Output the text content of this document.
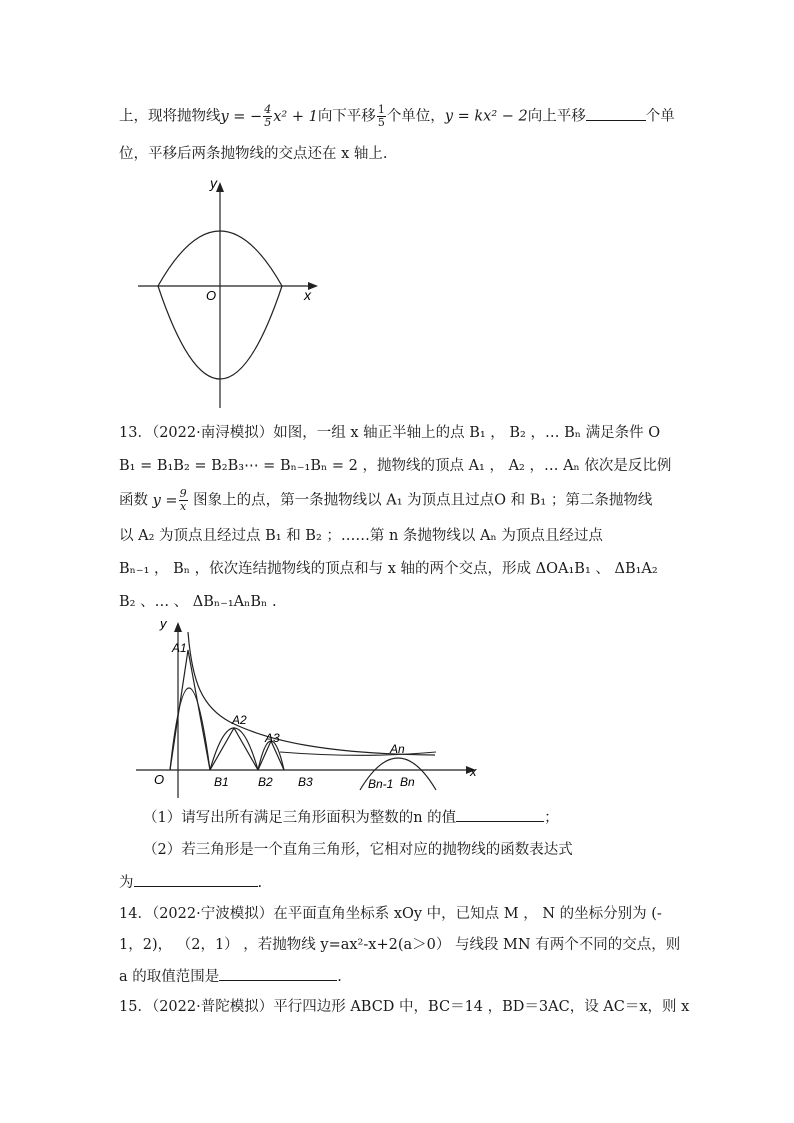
上，现将抛物线y = − $\frac{4}{5} x^2 + 1$向下平移 $\frac{1}{5}$ 个单位，y = kx² − 2向上平移	个单
位，平移后两条抛物线的交点还在 x 轴上.
y
x
O
13．（2022·南浔模拟）如图，一组 x 轴正半轴上的点 B₁ ， B₂ ，… Bₙ 满足条件 O
B₁ = B₁B₂ = B₂B₃⋯ = Bₙ₋₁Bₙ = 2 ，抛物线的顶点 A₁ ， A₂ ，… Aₙ 依次是反比例
函数 $y = \frac{9}{x}$ 图象上的点，第一条抛物线以 A₁ 为顶点且过点O 和 B₁ ；第二条抛物线
以 A₂ 为顶点且经过点 B₁ 和 B₂ ；……第 n 条抛物线以 Aₙ 为顶点且经过点
Bₙ₋₁ ， Bₙ ，依次连结抛物线的顶点和与 x 轴的两个交点，形成 ΔOA₁B₁ 、 ΔB₁A₂
B₂ 、… 、 ΔBₙ₋₁AₙBₙ .
y
x
O
A1
A2
A3
An
B1 B2 B3	Bn-1 Bn
（1）请写出所有满足三角形面积为整数的n 的值	；
（2）若三角形是一个直角三角形，它相对应的抛物线的函数表达式
为	.
14．（2022·宁波模拟）在平面直角坐标系 xOy 中，已知点 M ， N 的坐标分别为 (-
1，2)， （2，1） ，若抛物线 y=ax²-x+2(a＞0） 与线段 MN 有两个不同的交点，则
a 的取值范围是	.
15．（2022·普陀模拟）平行四边形 ABCD 中，BC＝14 ，BD＝3AC，设 AC＝x，则 x
